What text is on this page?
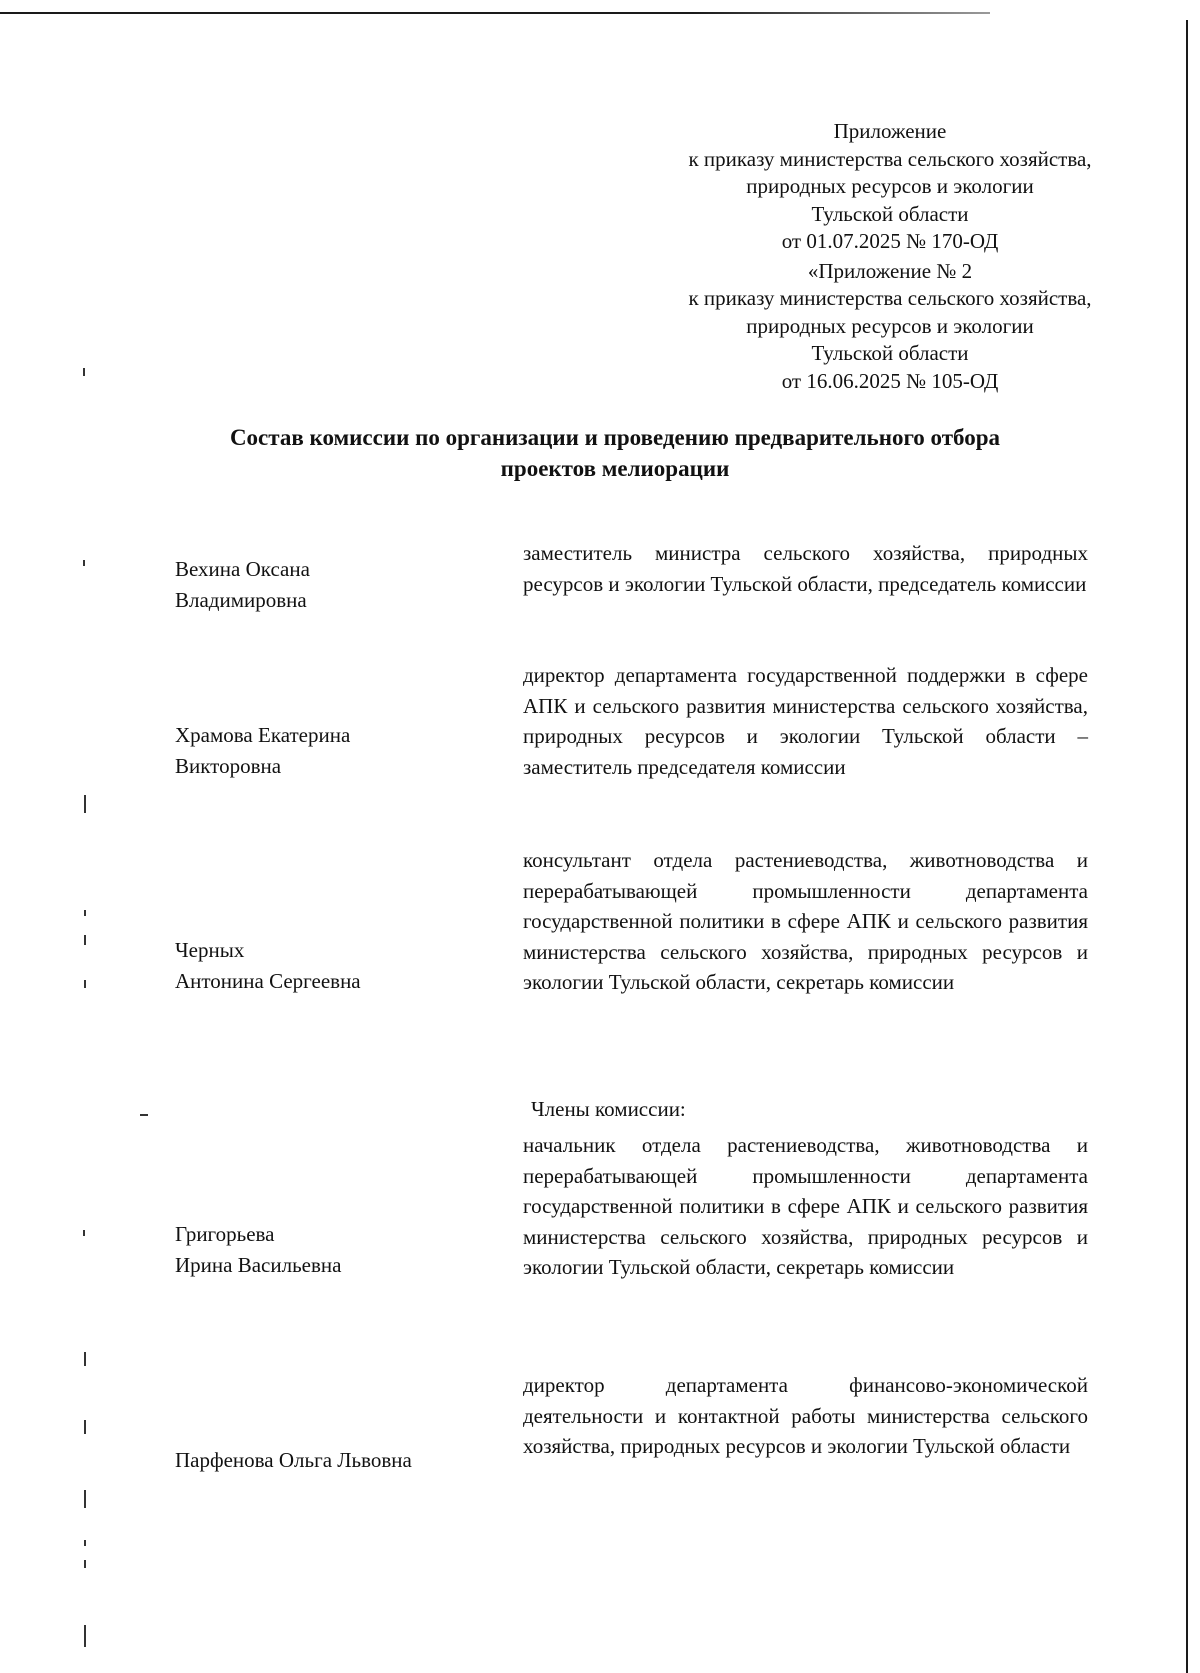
Приложение
к приказу министерства сельского хозяйства,
природных ресурсов и экологии
Тульской области
от 01.07.2025 № 170-ОД
«Приложение № 2
к приказу министерства сельского хозяйства,
природных ресурсов и экологии
Тульской области
от 16.06.2025 № 105-ОД
Состав комиссии по организации и проведению предварительного отбора
проектов мелиорации
Вехина Оксана
Владимировна
заместитель министра сельского хозяйства, природных ресурсов и экологии Тульской области, председатель комиссии
Храмова Екатерина
Викторовна
директор департамента государственной поддержки в сфере АПК и сельского развития министерства сельского хозяйства, природных ресурсов и экологии Тульской области – заместитель председателя комиссии
Черных
Антонина Сергеевна
консультант отдела растениеводства, животноводства и перерабатывающей промышленности департамента государственной политики в сфере АПК и сельского развития министерства сельского хозяйства, природных ресурсов и экологии Тульской области, секретарь комиссии
Члены комиссии:
Григорьева
Ирина Васильевна
начальник отдела растениеводства, животноводства и перерабатывающей промышленности департамента государственной политики в сфере АПК и сельского развития министерства сельского хозяйства, природных ресурсов и экологии Тульской области, секретарь комиссии
Парфенова Ольга Львовна
директор департамента финансово-экономической деятельности и контактной работы министерства сельского хозяйства, природных ресурсов и экологии Тульской области
